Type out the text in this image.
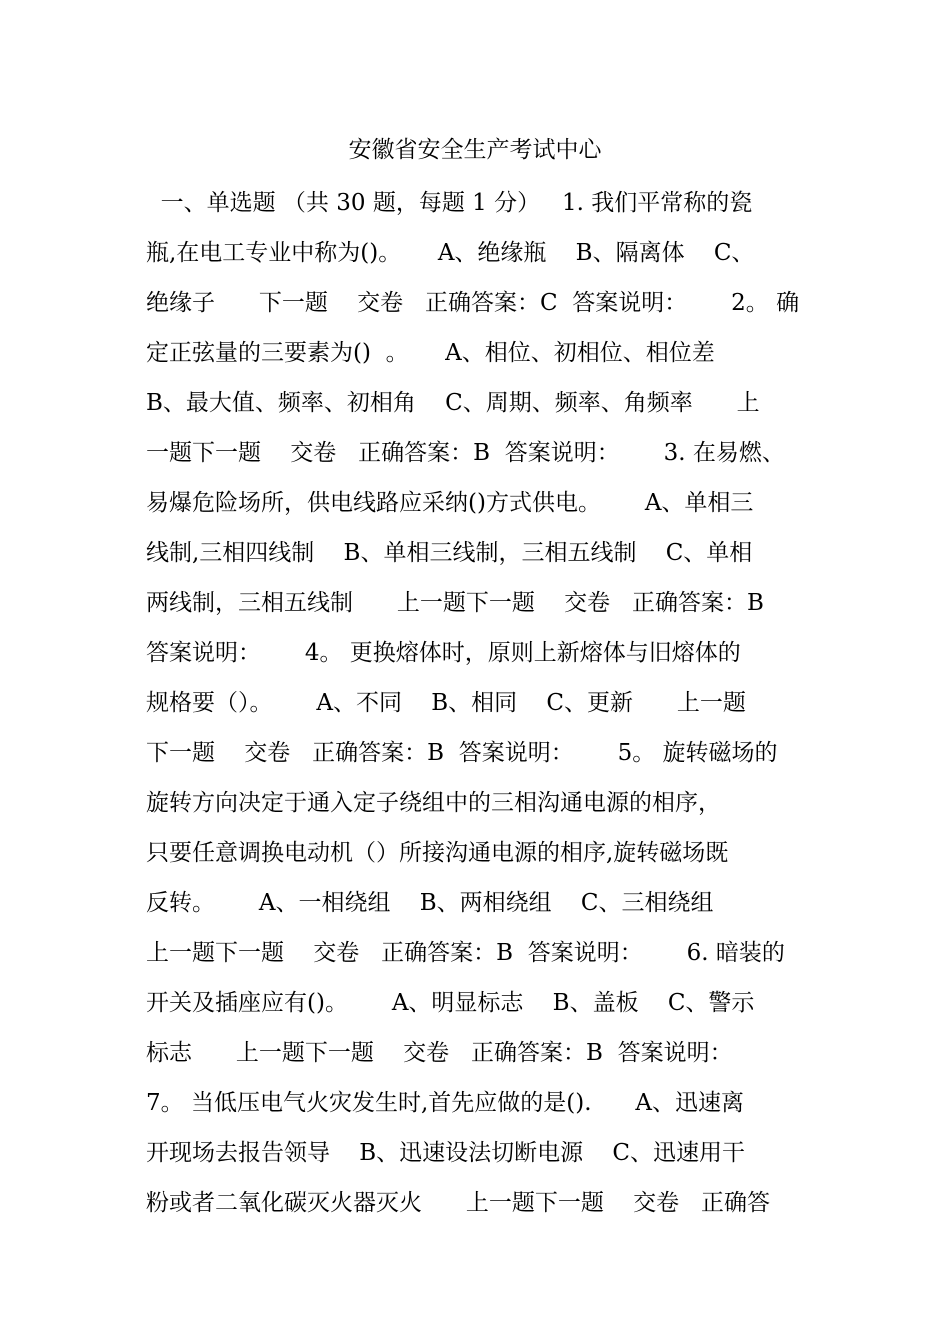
安徽省安全生产考试中心
一、单选题 （共 30 题，每题 1 分）   1. 我们平常称的瓷
瓶,在电工专业中称为()。     A、绝缘瓶    B、隔离体    C、
绝缘子      下一题    交卷   正确答案：C  答案说明：      2。 确
定正弦量的三要素为()  。     A、相位、初相位、相位差
B、最大值、频率、初相角    C、周期、频率、角频率      上
一题下一题    交卷   正确答案：B  答案说明：      3. 在易燃、
易爆危险场所，供电线路应采纳()方式供电。      A、单相三
线制,三相四线制    B、单相三线制，三相五线制    C、单相
两线制，三相五线制      上一题下一题    交卷   正确答案：B
答案说明：      4。 更换熔体时，原则上新熔体与旧熔体的
规格要（）。      A、不同    B、相同    C、更新      上一题
下一题    交卷   正确答案：B  答案说明：      5。 旋转磁场的
旋转方向决定于通入定子绕组中的三相沟通电源的相序，
只要任意调换电动机（）所接沟通电源的相序,旋转磁场既
反转。      A、一相绕组    B、两相绕组    C、三相绕组
上一题下一题    交卷   正确答案：B  答案说明：      6. 暗装的
开关及插座应有()。      A、明显标志    B、盖板    C、警示
标志      上一题下一题    交卷   正确答案：B  答案说明：
7。 当低压电气火灾发生时,首先应做的是().      A、迅速离
开现场去报告领导    B、迅速设法切断电源    C、迅速用干
粉或者二氧化碳灭火器灭火      上一题下一题    交卷   正确答
